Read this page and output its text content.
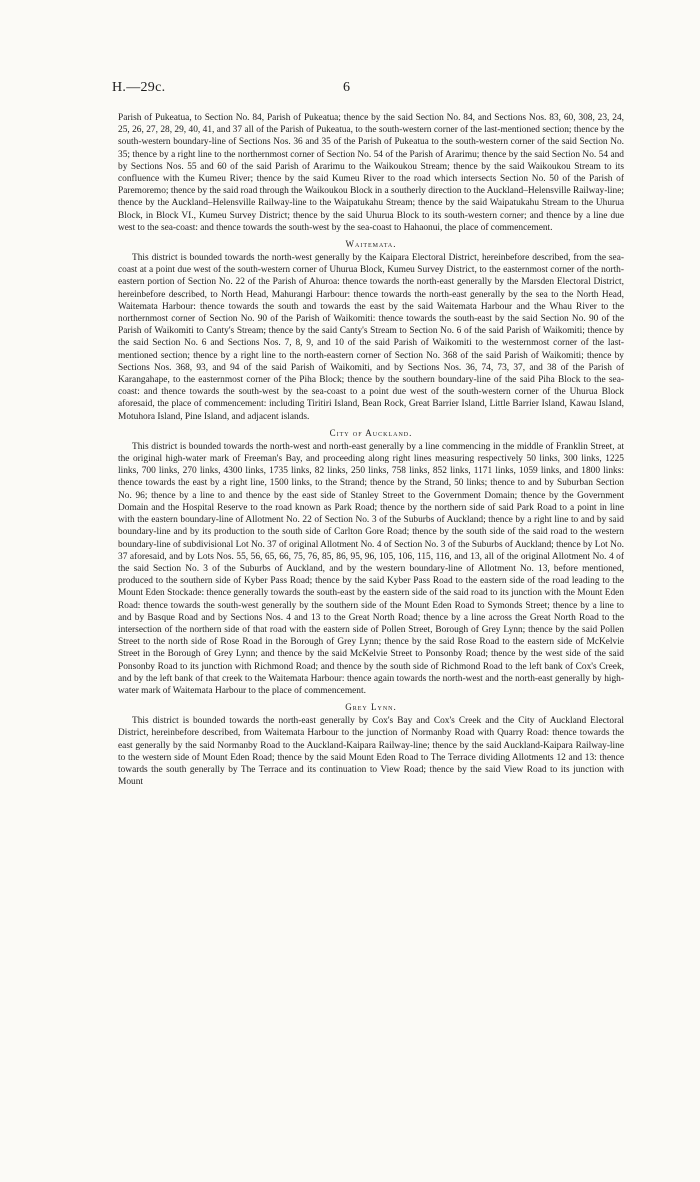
H.—29c.	6

Parish of Pukeatua, to Section No. 84, Parish of Pukeatua; thence by the said Section No. 84, and Sections Nos. 83, 60, 308, 23, 24, 25, 26, 27, 28, 29, 40, 41, and 37 all of the Parish of Pukeatua, to the south-western corner of the last-mentioned section; thence by the south-western boundary-line of Sections Nos. 36 and 35 of the Parish of Pukeatua to the south-western corner of the said Section No. 35; thence by a right line to the northernmost corner of Section No. 54 of the Parish of Ararimu; thence by the said Section No. 54 and by Sections Nos. 55 and 60 of the said Parish of Ararimu to the Waikoukou Stream; thence by the said Waikoukou Stream to its confluence with the Kumeu River; thence by the said Kumeu River to the road which intersects Section No. 50 of the Parish of Paremoremo; thence by the said road through the Waikoukou Block in a southerly direction to the Auckland–Helensville Railway-line; thence by the Auckland–Helensville Railway-line to the Waipatukahu Stream; thence by the said Waipatukahu Stream to the Uhurua Block, in Block VI., Kumeu Survey District; thence by the said Uhurua Block to its south-western corner; and thence by a line due west to the sea-coast: and thence towards the south-west by the sea-coast to Hahaonui, the place of commencement.

Waitemata.

This district is bounded towards the north-west generally by the Kaipara Electoral District, hereinbefore described, from the sea-coast at a point due west of the south-western corner of Uhurua Block, Kumeu Survey District, to the easternmost corner of the north-eastern portion of Section No. 22 of the Parish of Ahuroa: thence towards the north-east generally by the Marsden Electoral District, hereinbefore described, to North Head, Mahurangi Harbour: thence towards the north-east generally by the sea to the North Head, Waitemata Harbour: thence towards the south and towards the east by the said Waitemata Harbour and the Whau River to the northernmost corner of Section No. 90 of the Parish of Waikomiti: thence towards the south-east by the said Section No. 90 of the Parish of Waikomiti to Canty's Stream; thence by the said Canty's Stream to Section No. 6 of the said Parish of Waikomiti; thence by the said Section No. 6 and Sections Nos. 7, 8, 9, and 10 of the said Parish of Waikomiti to the westernmost corner of the last-mentioned section; thence by a right line to the north-eastern corner of Section No. 368 of the said Parish of Waikomiti; thence by Sections Nos. 368, 93, and 94 of the said Parish of Waikomiti, and by Sections Nos. 36, 74, 73, 37, and 38 of the Parish of Karangahape, to the easternmost corner of the Piha Block; thence by the southern boundary-line of the said Piha Block to the sea-coast: and thence towards the south-west by the sea-coast to a point due west of the south-western corner of the Uhurua Block aforesaid, the place of commencement: including Tiritiri Island, Bean Rock, Great Barrier Island, Little Barrier Island, Kawau Island, Motuhora Island, Pine Island, and adjacent islands.

City of Auckland.

This district is bounded towards the north-west and north-east generally by a line commencing in the middle of Franklin Street, at the original high-water mark of Freeman's Bay, and proceeding along right lines measuring respectively 50 links, 300 links, 1225 links, 700 links, 270 links, 4300 links, 1735 links, 82 links, 250 links, 758 links, 852 links, 1171 links, 1059 links, and 1800 links: thence towards the east by a right line, 1500 links, to the Strand; thence by the Strand, 50 links; thence to and by Suburban Section No. 96; thence by a line to and thence by the east side of Stanley Street to the Government Domain; thence by the Government Domain and the Hospital Reserve to the road known as Park Road; thence by the northern side of said Park Road to a point in line with the eastern boundary-line of Allotment No. 22 of Section No. 3 of the Suburbs of Auckland; thence by a right line to and by said boundary-line and by its production to the south side of Carlton Gore Road; thence by the south side of the said road to the western boundary-line of subdivisional Lot No. 37 of original Allotment No. 4 of Section No. 3 of the Suburbs of Auckland; thence by Lot No. 37 aforesaid, and by Lots Nos. 55, 56, 65, 66, 75, 76, 85, 86, 95, 96, 105, 106, 115, 116, and 13, all of the original Allotment No. 4 of the said Section No. 3 of the Suburbs of Auckland, and by the western boundary-line of Allotment No. 13, before mentioned, produced to the southern side of Kyber Pass Road; thence by the said Kyber Pass Road to the eastern side of the road leading to the Mount Eden Stockade: thence generally towards the south-east by the eastern side of the said road to its junction with the Mount Eden Road: thence towards the south-west generally by the southern side of the Mount Eden Road to Symonds Street; thence by a line to and by Basque Road and by Sections Nos. 4 and 13 to the Great North Road; thence by a line across the Great North Road to the intersection of the northern side of that road with the eastern side of Pollen Street, Borough of Grey Lynn; thence by the said Pollen Street to the north side of Rose Road in the Borough of Grey Lynn; thence by the said Rose Road to the eastern side of McKelvie Street in the Borough of Grey Lynn; and thence by the said McKelvie Street to Ponsonby Road; thence by the west side of the said Ponsonby Road to its junction with Richmond Road; and thence by the south side of Richmond Road to the left bank of Cox's Creek, and by the left bank of that creek to the Waitemata Harbour: thence again towards the north-west and the north-east generally by high-water mark of Waitemata Harbour to the place of commencement.

Grey Lynn.

This district is bounded towards the north-east generally by Cox's Bay and Cox's Creek and the City of Auckland Electoral District, hereinbefore described, from Waitemata Harbour to the junction of Normanby Road with Quarry Road: thence towards the east generally by the said Normanby Road to the Auckland-Kaipara Railway-line; thence by the said Auckland-Kaipara Railway-line to the western side of Mount Eden Road; thence by the said Mount Eden Road to The Terrace dividing Allotments 12 and 13: thence towards the south generally by The Terrace and its continuation to View Road; thence by the said View Road to its junction with Mount
